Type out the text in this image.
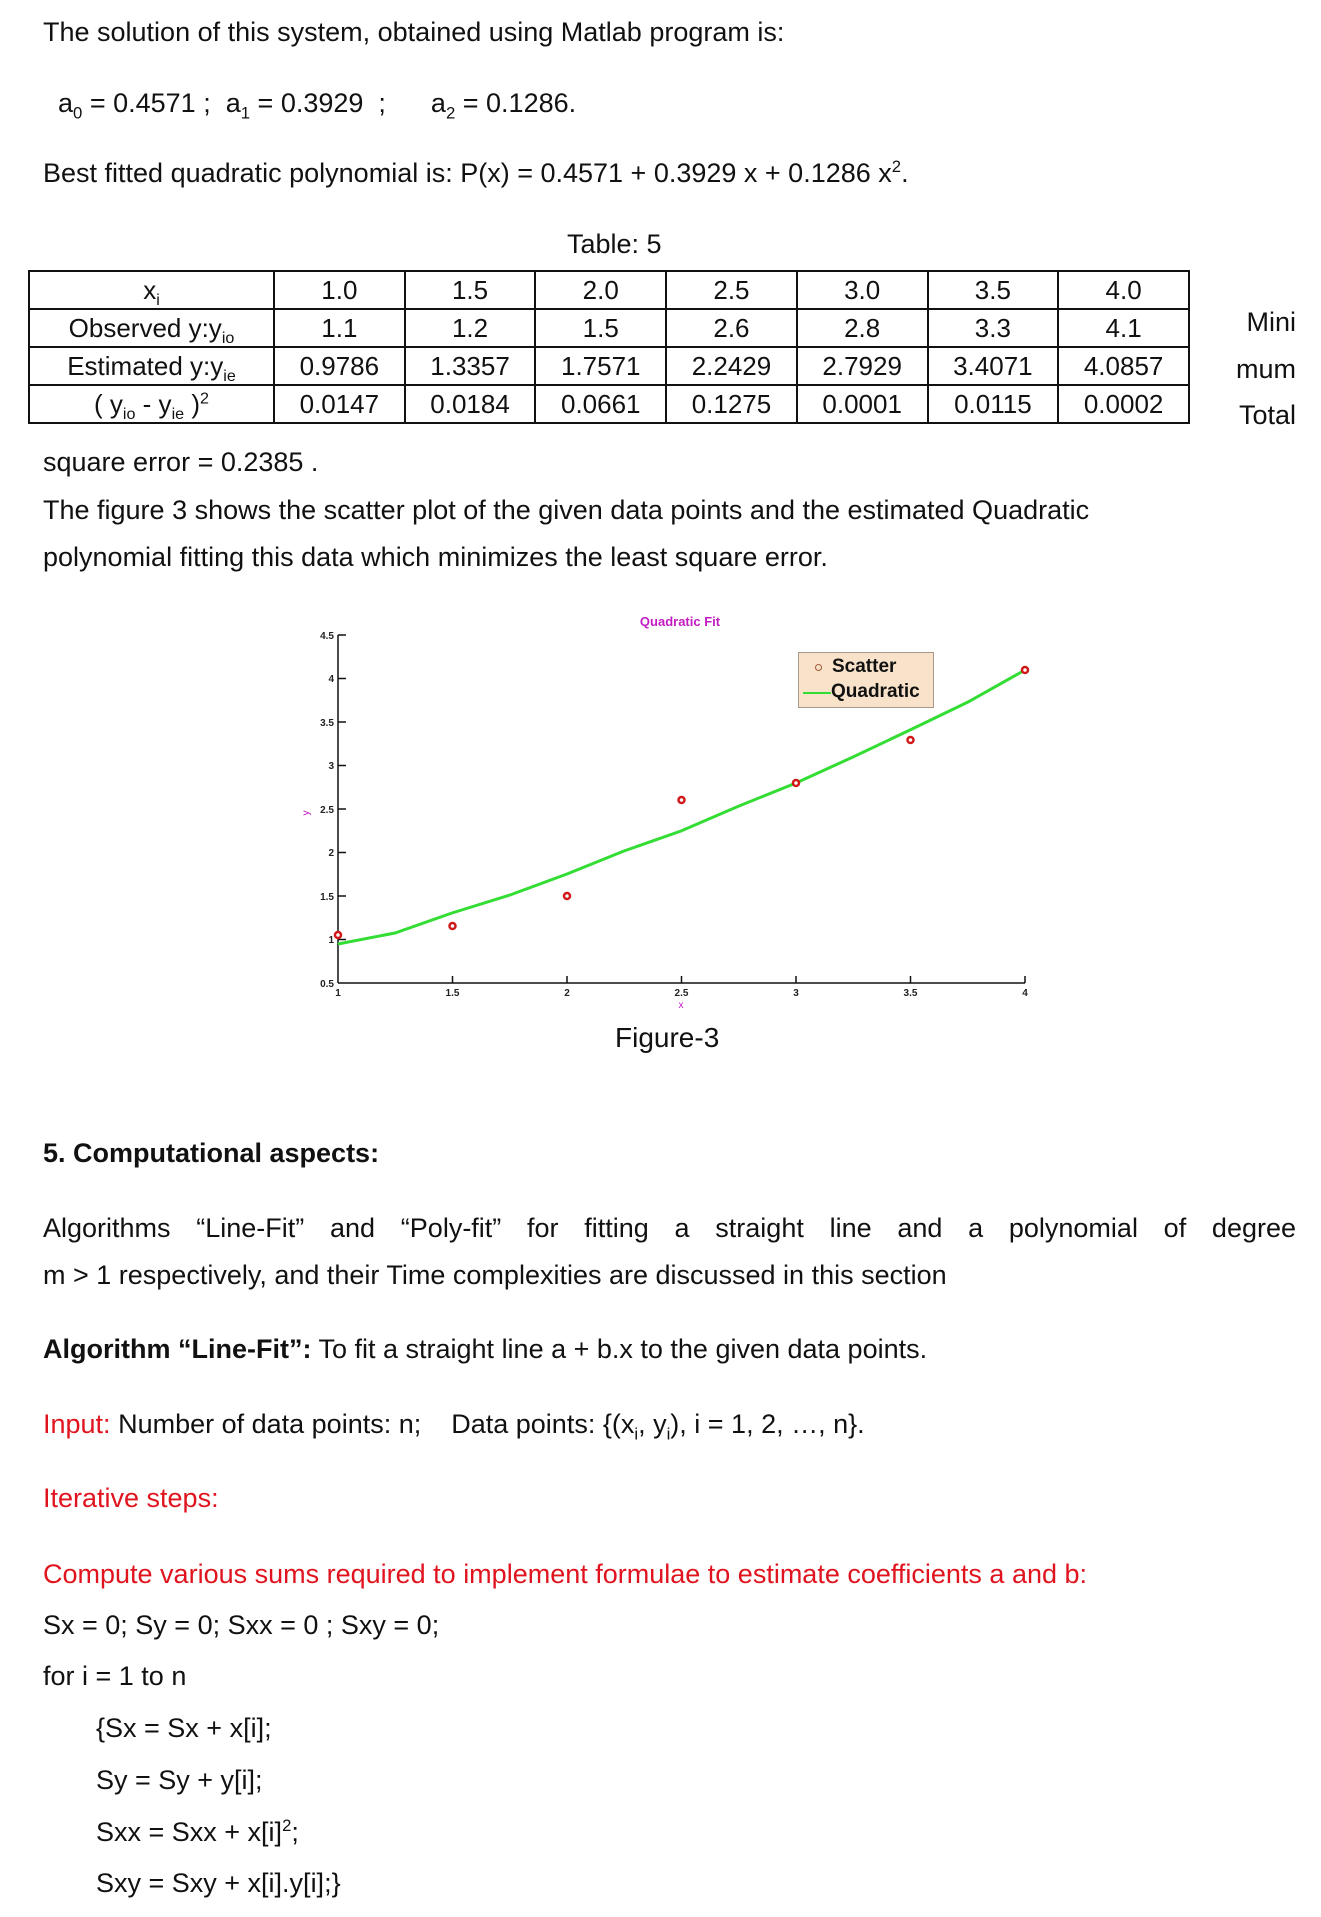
The solution of this system, obtained using Matlab program is:
$a_0 = 0.4571$ ;  $a_1 = 0.3929$  ;      $a_2 = 0.1286$.
Best fitted quadratic polynomial is: P(x) = 0.4571 + 0.3929 x + 0.1286 $x^2$.
Table: 5
$x_i$	1.0	1.5	2.0	2.5	3.0	3.5	4.0
Observed $y:y_{io}$	1.1	1.2	1.5	2.6	2.8	3.3	4.1
Estimated $y:y_{ie}$	0.9786	1.3357	1.7571	2.2429	2.7929	3.4071	4.0857
( $y_{io} - y_{ie}$ )$^2$	0.0147	0.0184	0.0661	0.1275	0.0001	0.0115	0.0002
Mini
mum
Total
square error = 0.2385 .
The figure 3 shows the scatter plot of the given data points and the estimated Quadratic
polynomial fitting this data which minimizes the least square error.
Quadratic Fit
4.5
4
3.5
3
2.5
2
1.5
1
0.5
y
1	1.5	2	2.5	3	3.5	4
x
Scatter
Quadratic
Figure-3
5. Computational aspects:
Algorithms “Line-Fit” and “Poly-fit” for fitting a straight line and a polynomial of degree
m > 1 respectively, and their Time complexities are discussed in this section
Algorithm “Line-Fit”: To fit a straight line a + b.x to the given data points.
Input: Number of data points: n;    Data points: {($x_i$, $y_i$), i = 1, 2, …, n}.
Iterative steps:
Compute various sums required to implement formulae to estimate coefficients a and b:
Sx = 0; Sy = 0; Sxx = 0 ; Sxy = 0;
for i = 1 to n
{Sx = Sx + x[i];
Sy = Sy + y[i];
Sxx = Sxx + $x[i]^2$;
Sxy = Sxy + x[i].y[i];}
